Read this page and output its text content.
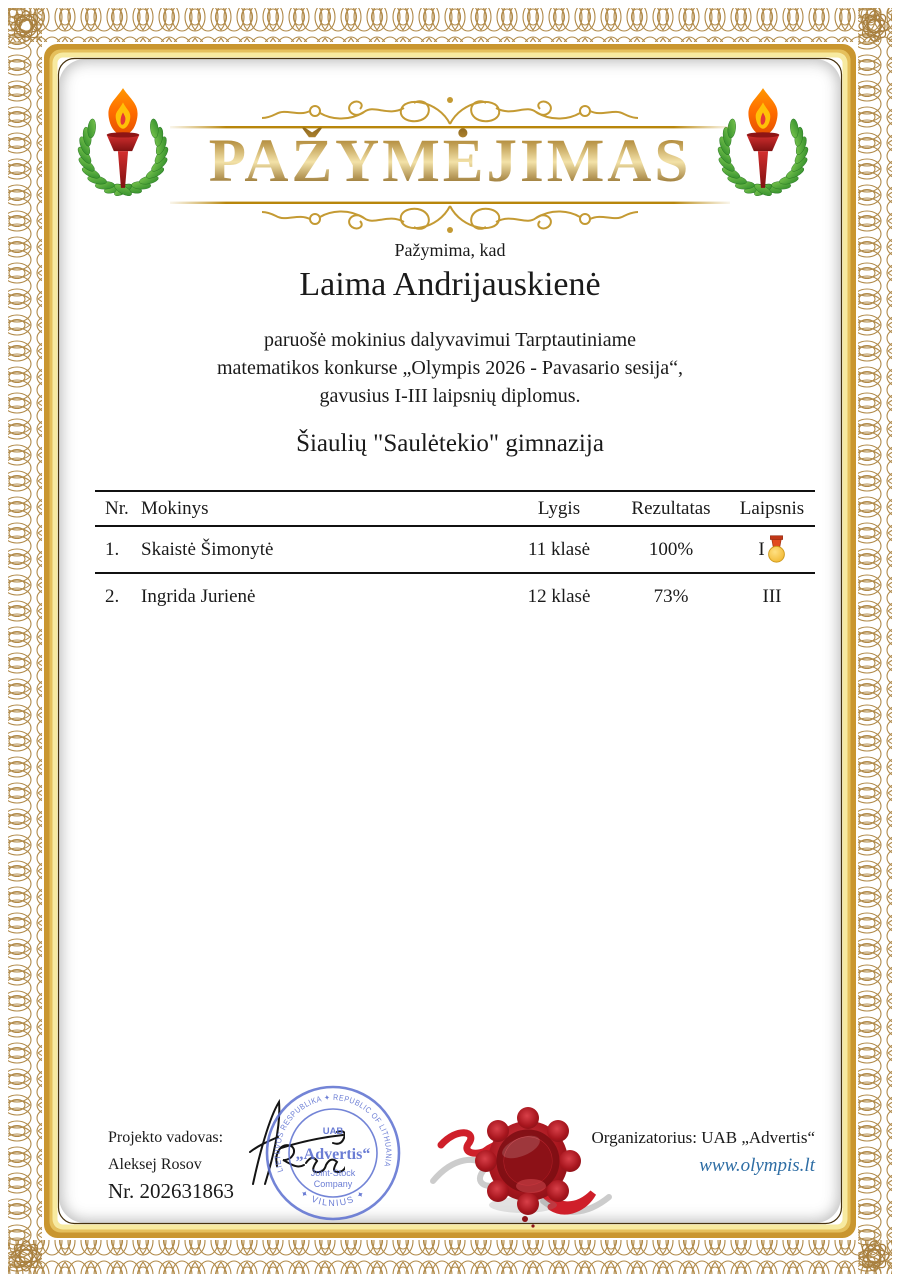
PAŽYMĖJIMAS
Pažymima, kad
Laima Andrijauskienė
paruošė mokinius dalyvavimui Tarptautiniame
matematikos konkurse „Olympis 2026 - Pavasario sesija“,
gavusius I-III laipsnių diplomus.
Šiaulių "Saulėtekio" gimnazija
Nr. Mokinys	Lygis	Rezultatas	Laipsnis
1.	Skaistė Šimonytė	11 klasė	100%	I
2.	Ingrida Jurienė	12 klasė	73%	III
Projekto vadovas:
Aleksej Rosov
Nr. 202631863
LIETUVOS RESPUBLIKA ✦ REPUBLIC OF LITHUANIA
✦ VILNIUS ✦
UAB
„Advertis“
Joint-Stock
Company
Organizatorius: UAB „Advertis“
www.olympis.lt
